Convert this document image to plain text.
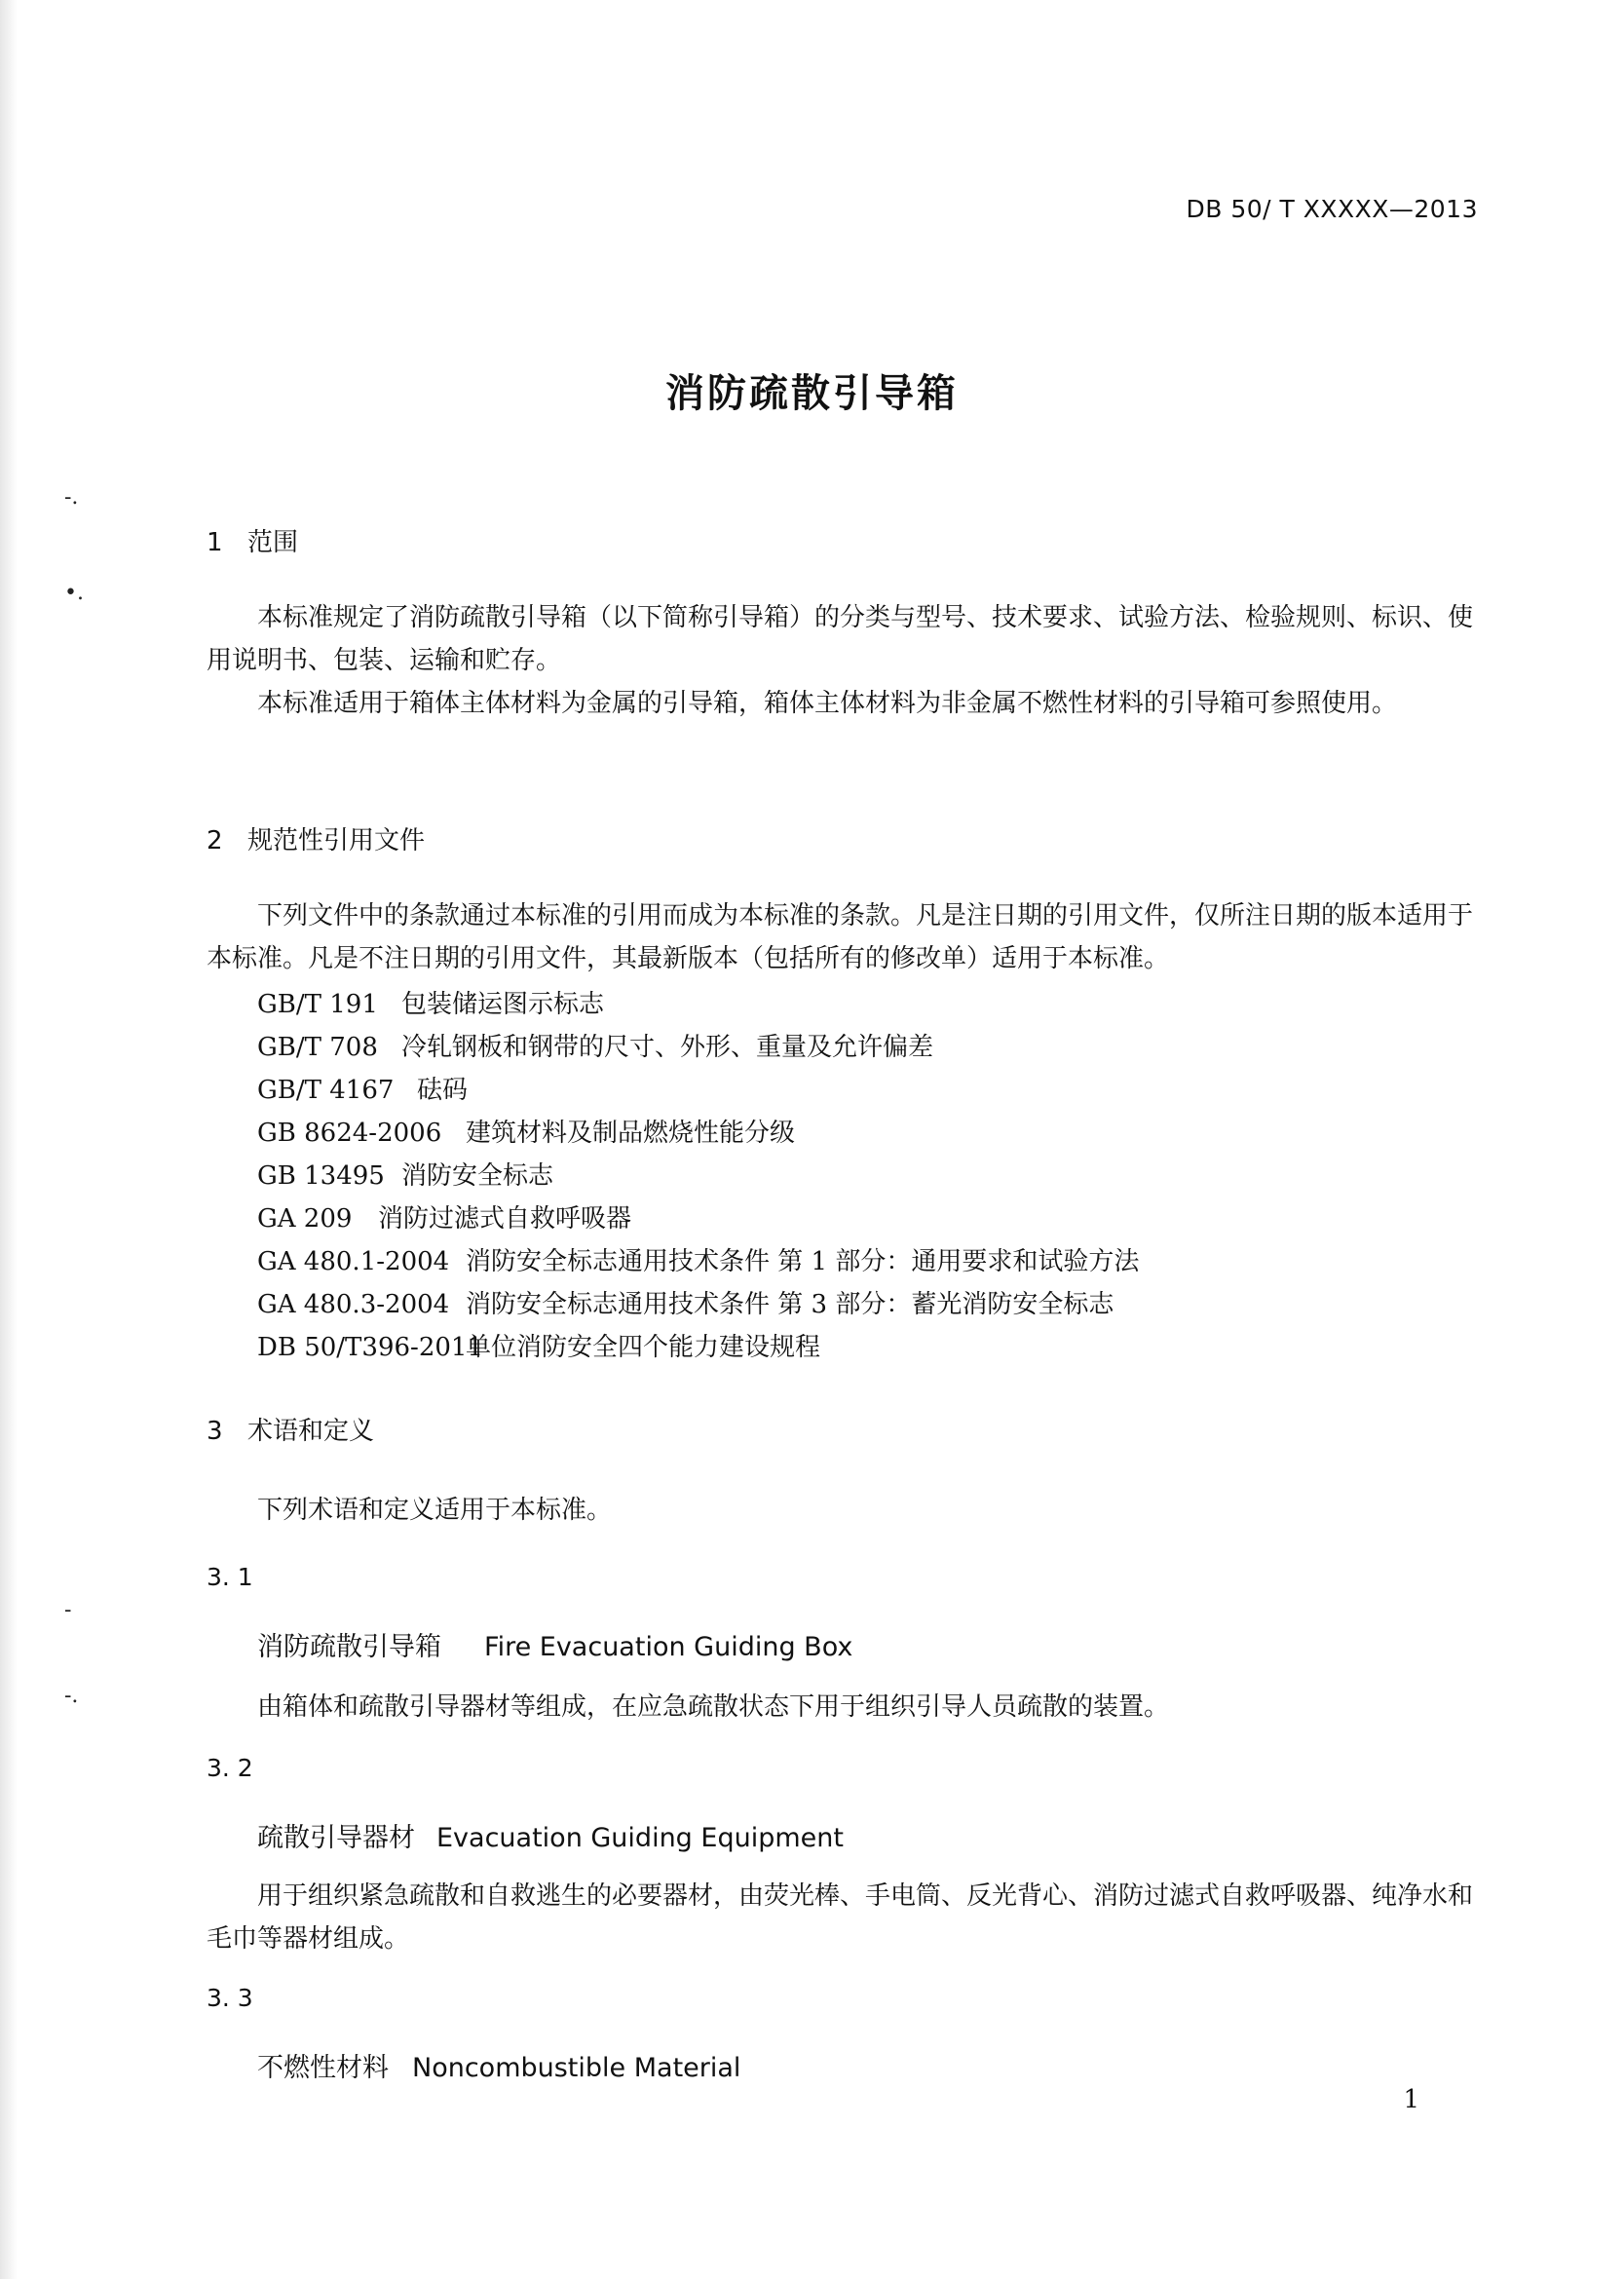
-.
•.
-
-.
DB 50/ T XXXXX—2013
消防疏散引导箱
1 范围
本标准规定了消防疏散引导箱（以下简称引导箱）的分类与型号、技术要求、试验方法、检验规则、标识、使用说明书、包装、运输和贮存。
本标准适用于箱体主体材料为金属的引导箱，箱体主体材料为非金属不燃性材料的引导箱可参照使用。
2 规范性引用文件
下列文件中的条款通过本标准的引用而成为本标准的条款。凡是注日期的引用文件，仅所注日期的版本适用于本标准。凡是不注日期的引用文件，其最新版本（包括所有的修改单）适用于本标准。
GB/T 191 包装储运图示标志
GB/T 708 冷轧钢板和钢带的尺寸、外形、重量及允许偏差
GB/T 4167 砝码
GB 8624-2006 建筑材料及制品燃烧性能分级
GB 13495 消防安全标志
GA 209 消防过滤式自救呼吸器
GA 480.1-2004 消防安全标志通用技术条件 第 1 部分：通用要求和试验方法
GA 480.3-2004 消防安全标志通用技术条件 第 3 部分：蓄光消防安全标志
DB 50/T396-2011单位消防安全四个能力建设规程
3 术语和定义
下列术语和定义适用于本标准。
3. 1
消防疏散引导箱 Fire Evacuation Guiding Box
由箱体和疏散引导器材等组成，在应急疏散状态下用于组织引导人员疏散的装置。
3. 2
疏散引导器材 Evacuation Guiding Equipment
用于组织紧急疏散和自救逃生的必要器材，由荧光棒、手电筒、反光背心、消防过滤式自救呼吸器、纯净水和毛巾等器材组成。
3. 3
不燃性材料 Noncombustible Material
1
